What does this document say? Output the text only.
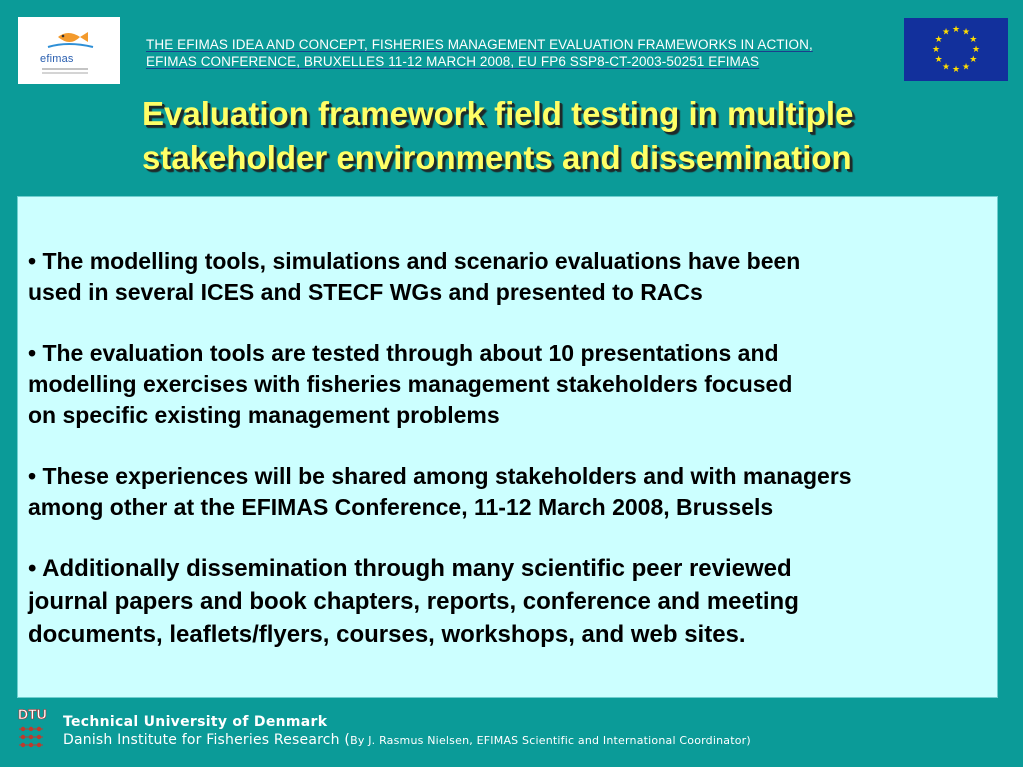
efimas
THE EFIMAS IDEA AND CONCEPT, FISHERIES MANAGEMENT EVALUATION FRAMEWORKS IN ACTION,
EFIMAS CONFERENCE, BRUXELLES 11-12 MARCH 2008, EU FP6 SSP8-CT-2003-50251 EFIMAS
★ ★
★
★
★
★
★
★
★
★
★
★
Evaluation framework field testing in multiple
stakeholder environments and dissemination
• The modelling tools, simulations and scenario evaluations have been
used in several ICES and STECF WGs and presented to RACs
• The evaluation tools are tested through about 10 presentations and
modelling exercises with fisheries management stakeholders focused
on specific existing management problems
• These experiences will be shared among stakeholders and with managers
among other at the EFIMAS Conference, 11-12 March 2008, Brussels
• Additionally dissemination through many scientific peer reviewed
journal papers and book chapters, reports, conference and meeting
documents, leaflets/flyers, courses, workshops, and web sites.
DTU Technical University of Denmark
Danish Institute for Fisheries Research (By J. Rasmus Nielsen, EFIMAS Scientific and International Coordinator)
